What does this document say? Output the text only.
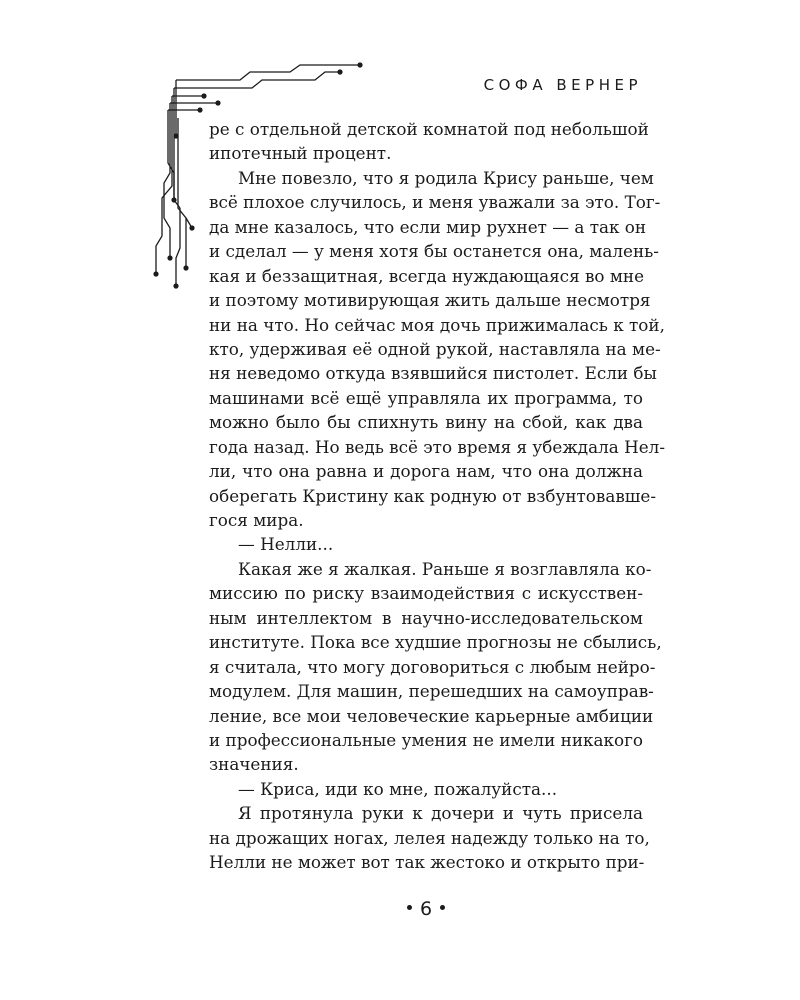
СОФА ВЕРНЕР
ре с отдельной детской комнатой под небольшой
ипотечный процент.
Мне повезло, что я родила Крису раньше, чем
всё плохое случилось, и меня уважали за это. Тог-
да мне казалось, что если мир рухнет — а так он
и сделал — у меня хотя бы останется она, малень-
кая и беззащитная, всегда нуждающаяся во мне
и поэтому мотивирующая жить дальше несмотря
ни на что. Но сейчас моя дочь прижималась к той,
кто, удерживая её одной рукой, наставляла на ме-
ня неведомо откуда взявшийся пистолет. Если бы
машинами всё ещё управляла их программа, то
можно было бы спихнуть вину на сбой, как два
года назад. Но ведь всё это время я убеждала Нел-
ли, что она равна и дорога нам, что она должна
оберегать Кристину как родную от взбунтовавше-
гося мира.
— Нелли...
Какая же я жалкая. Раньше я возглавляла ко-
миссию по риску взаимодействия с искусствен-
ным интеллектом в научно-исследовательском
институте. Пока все худшие прогнозы не сбылись,
я считала, что могу договориться с любым нейро-
модулем. Для машин, перешедших на самоуправ-
ление, все мои человеческие карьерные амбиции
и профессиональные умения не имели никакого
значения.
— Криса, иди ко мне, пожалуйста...
Я протянула руки к дочери и чуть присела
на дрожащих ногах, лелея надежду только на то,
Нелли не может вот так жестоко и открыто при-
6
